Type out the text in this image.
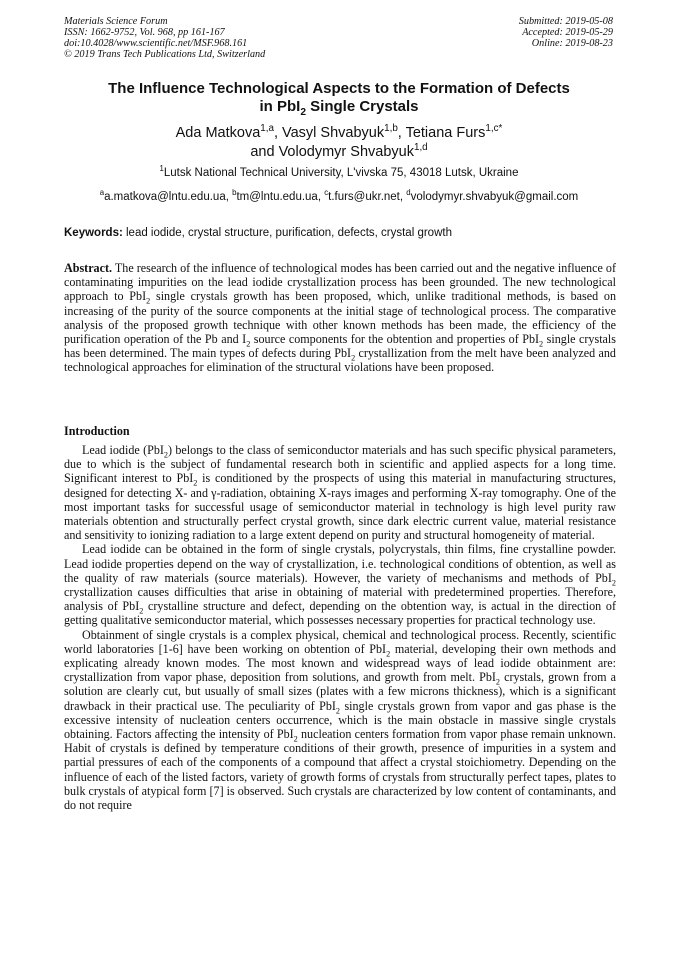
Materials Science Forum
ISSN: 1662-9752, Vol. 968, pp 161-167
doi:10.4028/www.scientific.net/MSF.968.161
© 2019 Trans Tech Publications Ltd, Switzerland
Submitted: 2019-05-08
Accepted: 2019-05-29
Online: 2019-08-23
The Influence Technological Aspects to the Formation of Defects
in PbI$_2$ Single Crystals
Ada Matkova$^{1,a}$, Vasyl Shvabyuk$^{1,b}$, Tetiana Furs$^{1,c*}$
and Volodymyr Shvabyuk$^{1,d}$
$^1$Lutsk National Technical University, L'vivska 75, 43018 Lutsk, Ukraine
$^a$a.matkova@lntu.edu.ua, $^b$tm@lntu.edu.ua, $^c$t.furs@ukr.net, $^d$volodymyr.shvabyuk@gmail.com
Keywords: lead iodide, crystal structure, purification, defects, crystal growth
Abstract. The research of the influence of technological modes has been carried out and the negative influence of contaminating impurities on the lead iodide crystallization process has been grounded. The new technological approach to PbI$_2$ single crystals growth has been proposed, which, unlike traditional methods, is based on increasing of the purity of the source components at the initial stage of technological process. The comparative analysis of the proposed growth technique with other known methods has been made, the efficiency of the purification operation of the Pb and $I_2$ source components for the obtention and properties of PbI$_2$ single crystals has been determined. The main types of defects during PbI$_2$ crystallization from the melt have been analyzed and technological approaches for elimination of the structural violations have been proposed.
Introduction

Lead iodide (PbI$_2$) belongs to the class of semiconductor materials and has such specific physical parameters, due to which is the subject of fundamental research both in scientific and applied aspects for a long time. Significant interest to PbI$_2$ is conditioned by the prospects of using this material in manufacturing structures, designed for detecting X- and γ-radiation, obtaining X-rays images and performing X-ray tomography. One of the most important tasks for successful usage of semiconductor material in technology is high level purity raw materials obtention and structurally perfect crystal growth, since dark electric current value, material resistance and sensitivity to ionizing radiation to a large extent depend on purity and structural homogeneity of material.

Lead iodide can be obtained in the form of single crystals, polycrystals, thin films, fine crystalline powder. Lead iodide properties depend on the way of crystallization, i.e. technological conditions of obtention, as well as the quality of raw materials (source materials). However, the variety of mechanisms and methods of PbI$_2$ crystallization causes difficulties that arise in obtaining of material with predetermined properties. Therefore, analysis of PbI$_2$ crystalline structure and defect, depending on the obtention way, is actual in the direction of getting qualitative semiconductor material, which possesses necessary properties for practical technology use.

Obtainment of single crystals is a complex physical, chemical and technological process. Recently, scientific world laboratories [1-6] have been working on obtention of PbI$_2$ material, developing their own methods and explicating already known modes. The most known and widespread ways of lead iodide obtainment are: crystallization from vapor phase, deposition from solutions, and growth from melt. PbI$_2$ crystals, grown from a solution are clearly cut, but usually of small sizes (plates with a few microns thickness), which is a significant drawback in their practical use. The peculiarity of PbI$_2$ single crystals grown from vapor and gas phase is the excessive intensity of nucleation centers occurrence, which is the main obstacle in massive single crystals obtaining. Factors affecting the intensity of PbI$_2$ nucleation centers formation from vapor phase remain unknown. Habit of crystals is defined by temperature conditions of their growth, presence of impurities in a system and partial pressures of each of the components of a compound that affect a crystal stoichiometry. Depending on the influence of each of the listed factors, variety of growth forms of crystals from structurally perfect tapes, plates to bulk crystals of atypical form [7] is observed. Such crystals are characterized by low content of contaminants, and do not require
